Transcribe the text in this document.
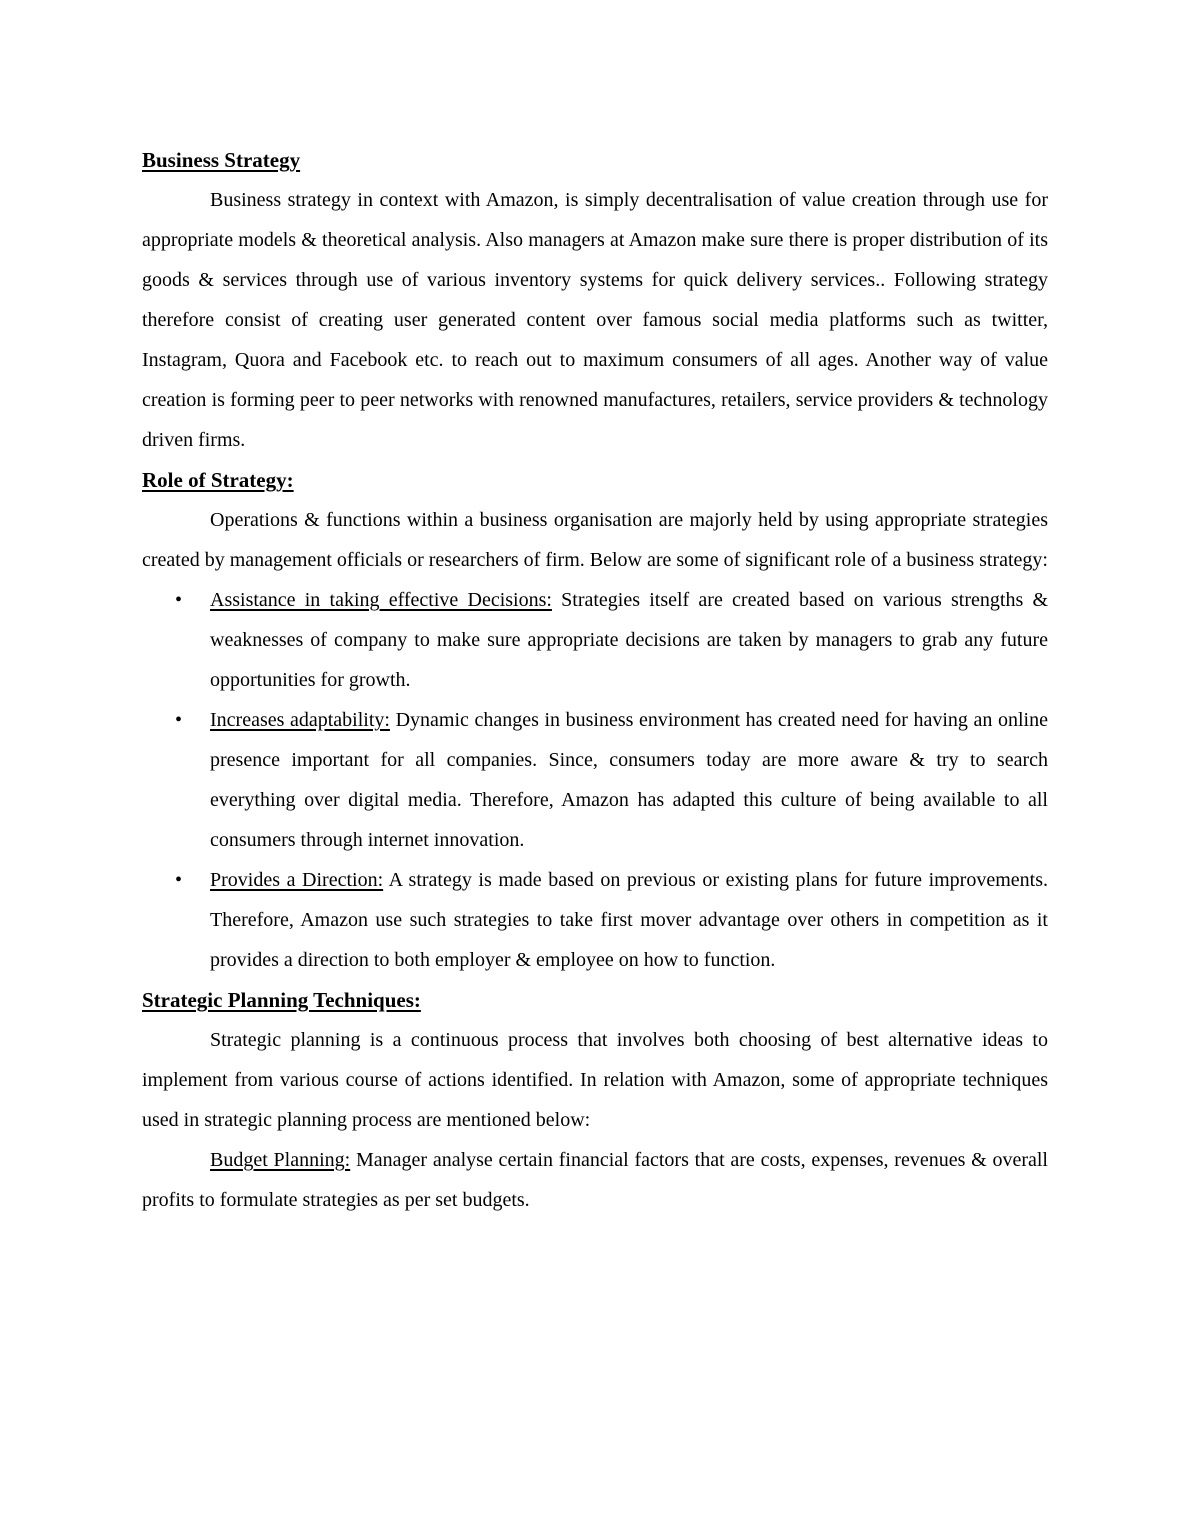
Business Strategy

Business strategy in context with Amazon, is simply decentralisation of value creation through use for appropriate models & theoretical analysis. Also managers at Amazon make sure there is proper distribution of its goods & services through use of various inventory systems for quick delivery services.. Following strategy therefore consist of creating user generated content over famous social media platforms such as twitter, Instagram, Quora and Facebook etc. to reach out to maximum consumers of all ages. Another way of value creation is forming peer to peer networks with renowned manufactures, retailers, service providers & technology driven firms.

Role of Strategy:

Operations & functions within a business organisation are majorly held by using appropriate strategies created by management officials or researchers of firm. Below are some of significant role of a business strategy:

• Assistance in taking effective Decisions: Strategies itself are created based on various strengths & weaknesses of company to make sure appropriate decisions are taken by managers to grab any future opportunities for growth.
• Increases adaptability: Dynamic changes in business environment has created need for having an online presence important for all companies. Since, consumers today are more aware & try to search everything over digital media. Therefore, Amazon has adapted this culture of being available to all consumers through internet innovation.
• Provides a Direction: A strategy is made based on previous or existing plans for future improvements. Therefore, Amazon use such strategies to take first mover advantage over others in competition as it provides a direction to both employer & employee on how to function.
Strategic Planning Techniques:

Strategic planning is a continuous process that involves both choosing of best alternative ideas to implement from various course of actions identified. In relation with Amazon, some of appropriate techniques used in strategic planning process are mentioned below:

Budget Planning: Manager analyse certain financial factors that are costs, expenses, revenues & overall profits to formulate strategies as per set budgets.
